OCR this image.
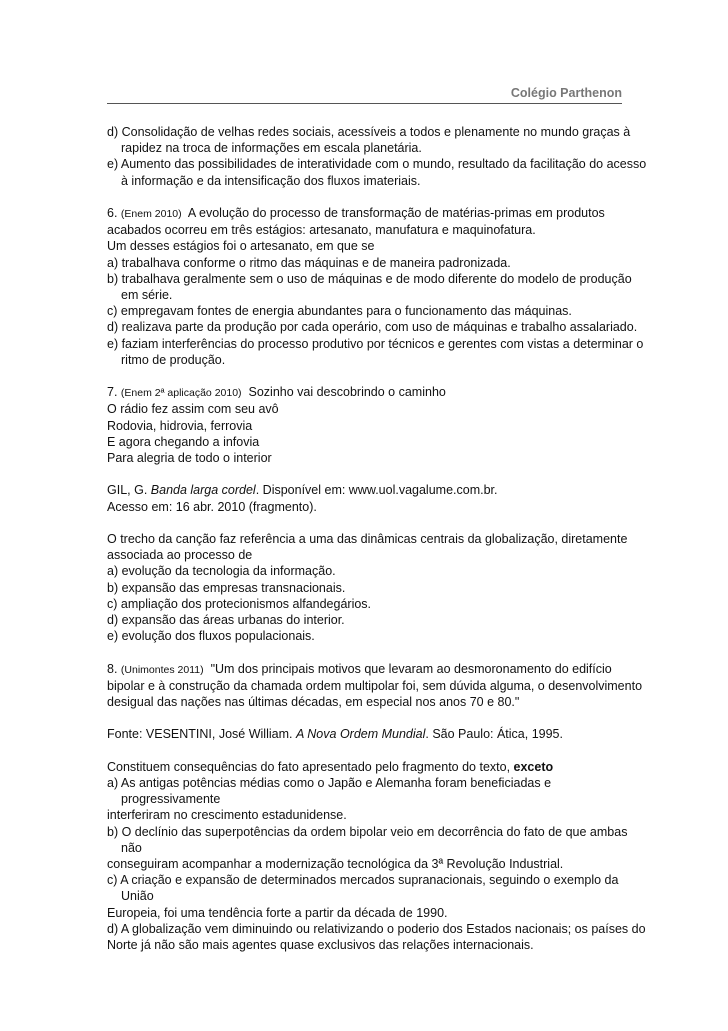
Colégio Parthenon

d) Consolidação de velhas redes sociais, acessíveis a todos e plenamente no mundo graças à

rapidez na troca de informações em escala planetária.

e) Aumento das possibilidades de interatividade com o mundo, resultado da facilitação do acesso

à informação e da intensificação dos fluxos imateriais.

6. (Enem 2010) A evolução do processo de transformação de matérias-primas em produtos

acabados ocorreu em três estágios: artesanato, manufatura e maquinofatura.

Um desses estágios foi o artesanato, em que se

a) trabalhava conforme o ritmo das máquinas e de maneira padronizada.

b) trabalhava geralmente sem o uso de máquinas e de modo diferente do modelo de produção

em série.

c) empregavam fontes de energia abundantes para o funcionamento das máquinas.

d) realizava parte da produção por cada operário, com uso de máquinas e trabalho assalariado.

e) faziam interferências do processo produtivo por técnicos e gerentes com vistas a determinar o

ritmo de produção.

7. (Enem 2ª aplicação 2010) Sozinho vai descobrindo o caminho

O rádio fez assim com seu avô

Rodovia, hidrovia, ferrovia

E agora chegando a infovia

Para alegria de todo o interior

GIL, G. Banda larga cordel. Disponível em: www.uol.vagalume.com.br.

Acesso em: 16 abr. 2010 (fragmento).

O trecho da canção faz referência a uma das dinâmicas centrais da globalização, diretamente

associada ao processo de

a) evolução da tecnologia da informação.

b) expansão das empresas transnacionais.

c) ampliação dos protecionismos alfandegários.

d) expansão das áreas urbanas do interior.

e) evolução dos fluxos populacionais.

8. (Unimontes 2011) "Um dos principais motivos que levaram ao desmoronamento do edifício

bipolar e à construção da chamada ordem multipolar foi, sem dúvida alguma, o desenvolvimento

desigual das nações nas últimas décadas, em especial nos anos 70 e 80."

Fonte: VESENTINI, José William. A Nova Ordem Mundial. São Paulo: Ática, 1995.

Constituem consequências do fato apresentado pelo fragmento do texto, exceto

a) As antigas potências médias como o Japão e Alemanha foram beneficiadas e

progressivamente

interferiram no crescimento estadunidense.

b) O declínio das superpotências da ordem bipolar veio em decorrência do fato de que ambas

não

conseguiram acompanhar a modernização tecnológica da 3ª Revolução Industrial.

c) A criação e expansão de determinados mercados supranacionais, seguindo o exemplo da

União

Europeia, foi uma tendência forte a partir da década de 1990.

d) A globalização vem diminuindo ou relativizando o poderio dos Estados nacionais; os países do

Norte já não são mais agentes quase exclusivos das relações internacionais.
